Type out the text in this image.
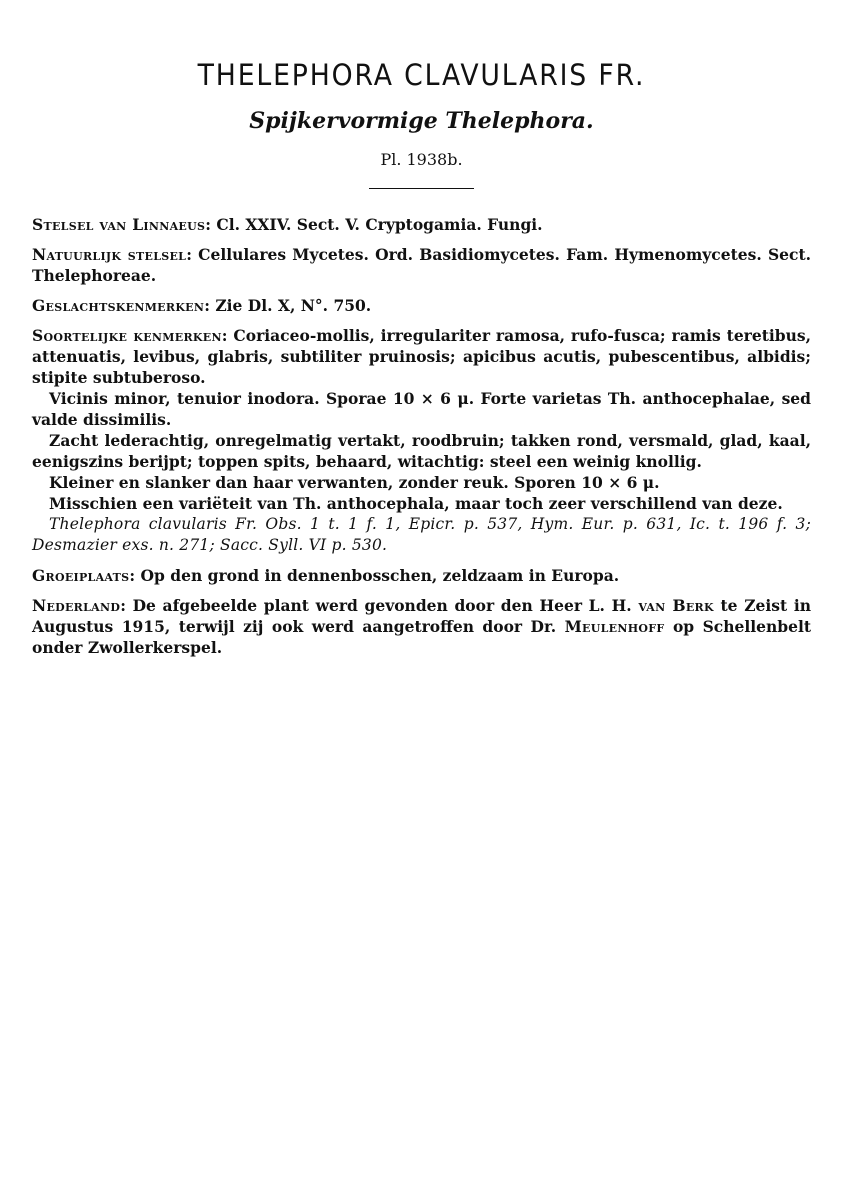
THELEPHORA CLAVULARIS FR.
Spijkervormige Thelephora.
Pl. 1938b.

Stelsel van Linnaeus: Cl. XXIV. Sect. V. Cryptogamia. Fungi.

Natuurlijk stelsel: Cellulares Mycetes. Ord. Basidiomycetes. Fam. Hymenomycetes. Sect. Thelephoreae.

Geslachtskenmerken: Zie Dl. X, N°. 750.

Soortelijke kenmerken: Coriaceo-mollis, irregulariter ramosa, rufo-fusca; ramis teretibus, attenuatis, levibus, glabris, subtiliter pruinosis; apicibus acutis, pubescentibus, albidis; stipite subtuberoso.

Vicinis minor, tenuior inodora. Sporae 10 × 6 μ. Forte varietas Th. anthocephalae, sed valde dissimilis.

Zacht lederachtig, onregelmatig vertakt, roodbruin; takken rond, versmald, glad, kaal, eenigszins berijpt; toppen spits, behaard, witachtig: steel een weinig knollig.

Kleiner en slanker dan haar verwanten, zonder reuk. Sporen 10 × 6 μ.

Misschien een variëteit van Th. anthocephala, maar toch zeer verschillend van deze.

Thelephora clavularis Fr. Obs. 1 t. 1 f. 1, Epicr. p. 537, Hym. Eur. p. 631, Ic. t. 196 f. 3; Desmazier exs. n. 271; Sacc. Syll. VI p. 530.

Groeiplaats: Op den grond in dennenbosschen, zeldzaam in Europa.

Nederland: De afgebeelde plant werd gevonden door den Heer L. H. van Berk te Zeist in Augustus 1915, terwijl zij ook werd aangetroffen door Dr. Meulenhoff op Schellenbelt onder Zwollerkerspel.
